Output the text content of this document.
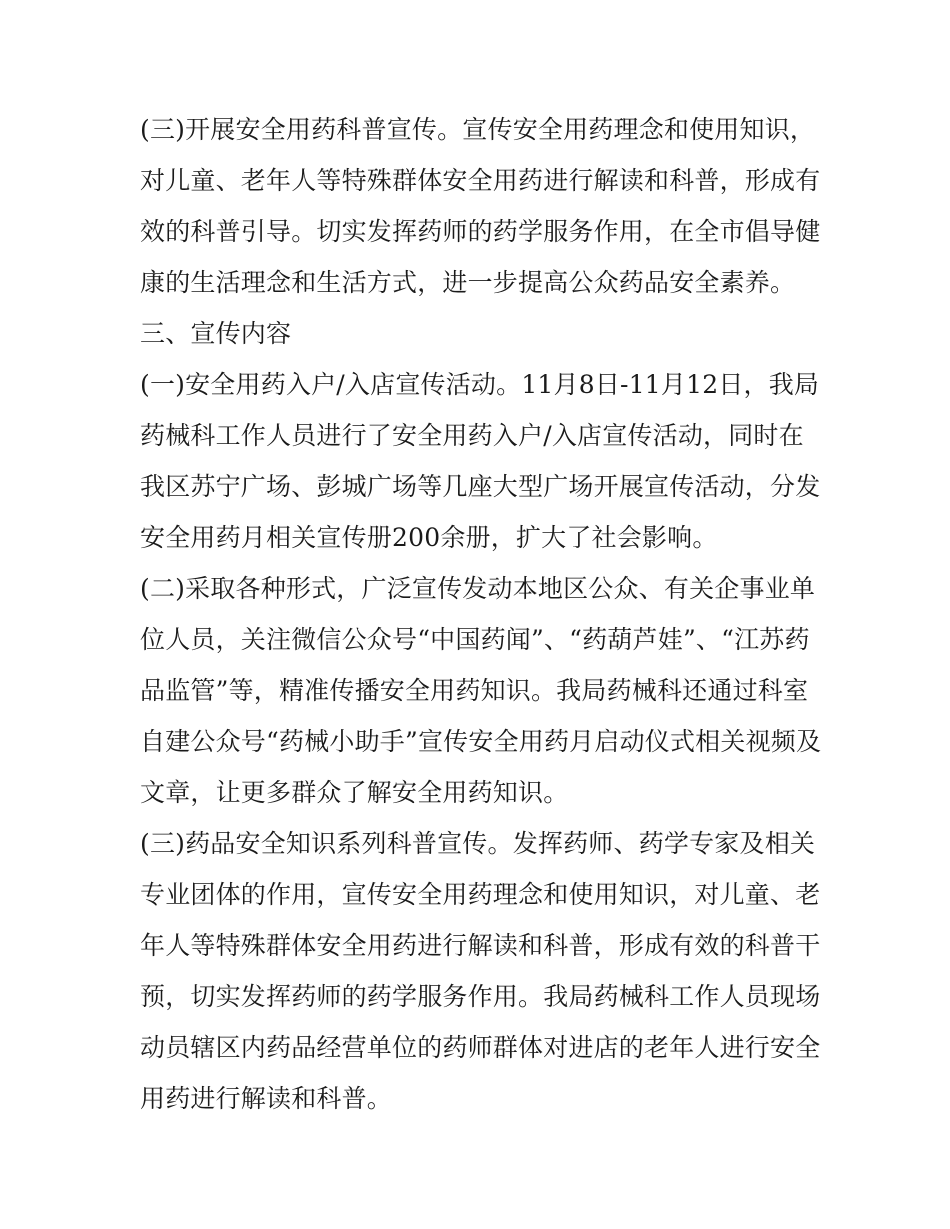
(三)开展安全用药科普宣传。宣传安全用药理念和使用知识，
对儿童、老年人等特殊群体安全用药进行解读和科普，形成有
效的科普引导。切实发挥药师的药学服务作用，在全市倡导健
康的生活理念和生活方式，进一步提高公众药品安全素养。
三、宣传内容
(一)安全用药入户/入店宣传活动。11月8日-11月12日，我局
药械科工作人员进行了安全用药入户/入店宣传活动，同时在
我区苏宁广场、彭城广场等几座大型广场开展宣传活动，分发
安全用药月相关宣传册200余册，扩大了社会影响。
(二)采取各种形式，广泛宣传发动本地区公众、有关企事业单
位人员，关注微信公众号“中国药闻”、“药葫芦娃”、“江苏药
品监管”等，精准传播安全用药知识。我局药械科还通过科室
自建公众号“药械小助手”宣传安全用药月启动仪式相关视频及
文章，让更多群众了解安全用药知识。
(三)药品安全知识系列科普宣传。发挥药师、药学专家及相关
专业团体的作用，宣传安全用药理念和使用知识，对儿童、老
年人等特殊群体安全用药进行解读和科普，形成有效的科普干
预，切实发挥药师的药学服务作用。我局药械科工作人员现场
动员辖区内药品经营单位的药师群体对进店的老年人进行安全
用药进行解读和科普。
